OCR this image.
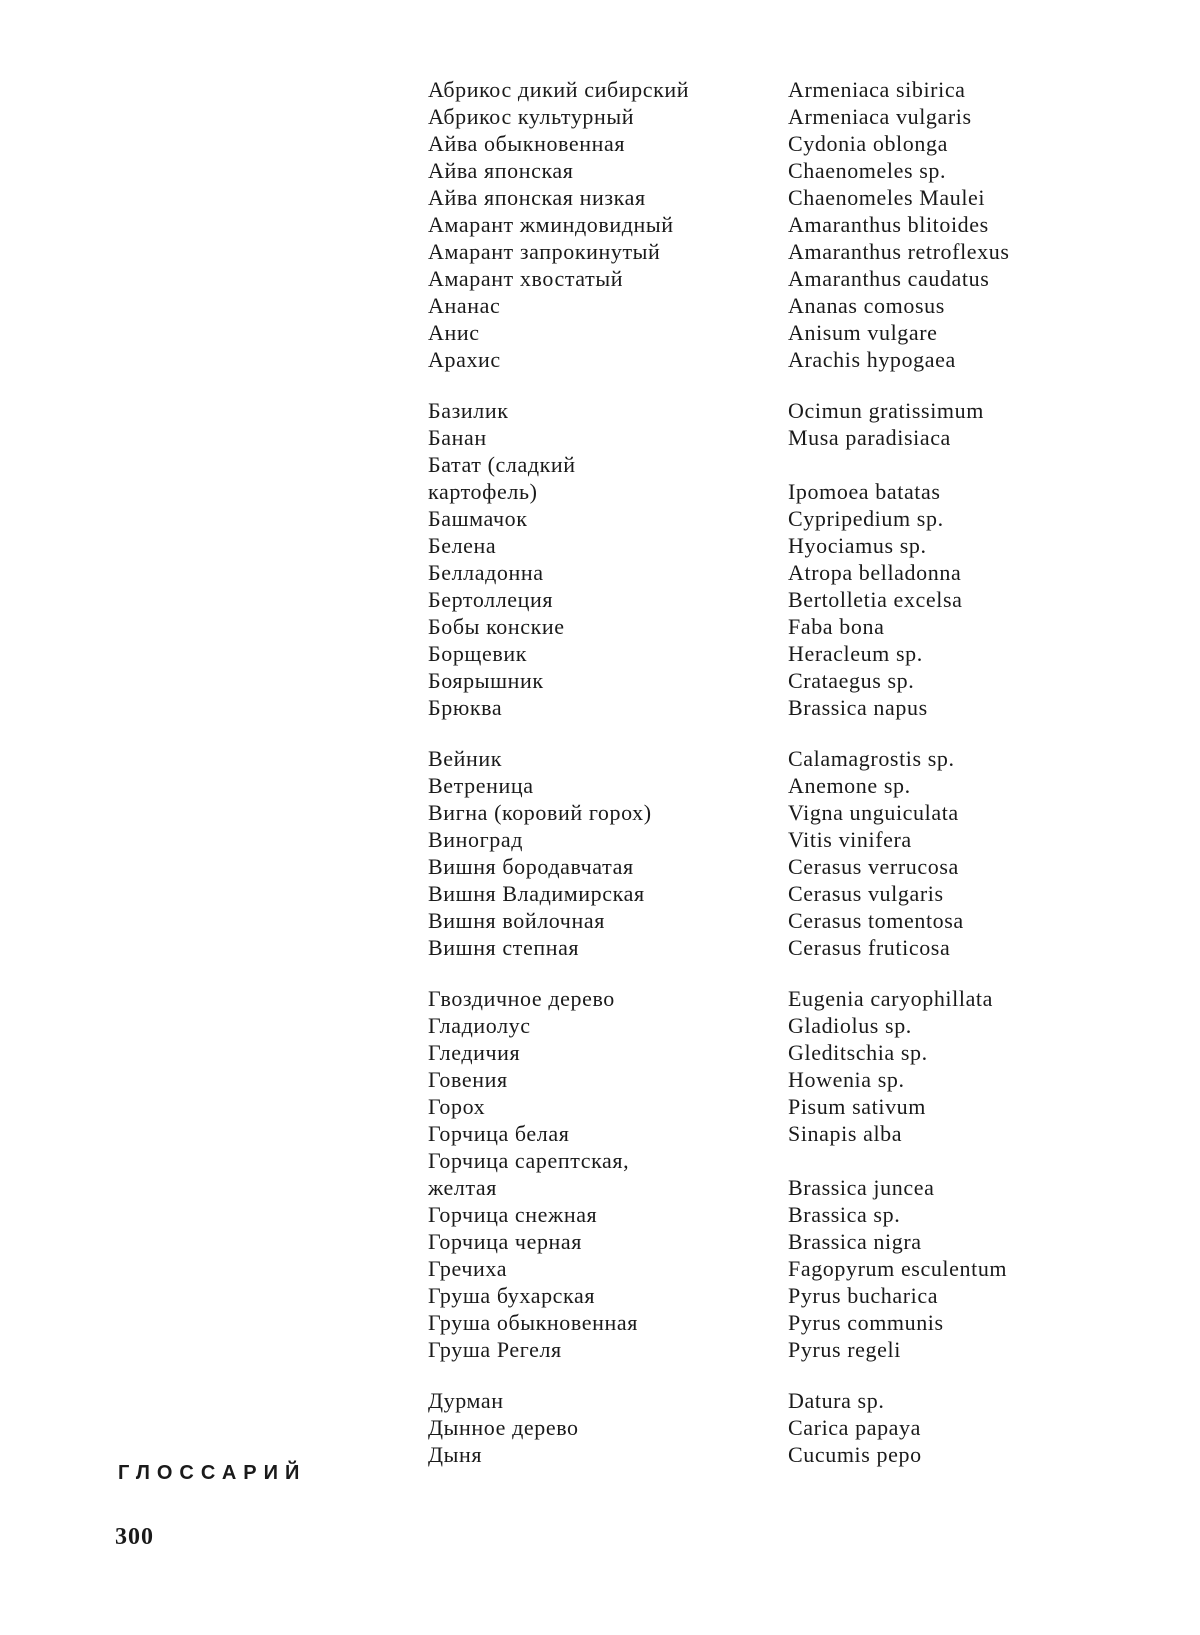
Абрикос дикий сибирский	Armeniaca sibirica
Абрикос культурный	Armeniaca vulgaris
Айва обыкновенная	Cydonia oblonga
Айва японская	Chaenomeles sp.
Айва японская низкая	Chaenomeles Maulei
Амарант жминдовидный	Amaranthus blitoides
Амарант запрокинутый	Amaranthus retroflexus
Амарант хвостатый	Amaranthus caudatus
Ананас	Ananas comosus
Анис	Anisum vulgare
Арахис	Arachis hypogaea
Базилик	Ocimun gratissimum
Банан	Musa paradisiaca
Батат (сладкий
картофель)	Ipomoea batatas
Башмачок	Cypripedium sp.
Белена	Hyociamus sp.
Белладонна	Atropa belladonna
Бертоллеция	Bertolletia excelsa
Бобы конские	Faba bona
Борщевик	Heracleum sp.
Боярышник	Crataegus sp.
Брюква	Brassica napus
Вейник	Calamagrostis sp.
Ветреница	Anemone sp.
Вигна (коровий горох)	Vigna unguiculata
Виноград	Vitis vinifera
Вишня бородавчатая	Cerasus verrucosa
Вишня Владимирская	Cerasus vulgaris
Вишня войлочная	Cerasus tomentosa
Вишня степная	Cerasus fruticosa
Гвоздичное дерево	Eugenia caryophillata
Гладиолус	Gladiolus sp.
Гледичия	Gleditschia sp.
Говения	Howenia sp.
Горох	Pisum sativum
Горчица белая	Sinapis alba
Горчица сарептская,
желтая	Brassica juncea
Горчица снежная	Brassica sp.
Горчица черная	Brassica nigra
Гречиха	Fagopyrum esculentum
Груша бухарская	Pyrus bucharica
Груша обыкновенная	Pyrus communis
Груша Регеля	Pyrus regeli
Дурман	Datura sp.
Дынное дерево	Carica papaya
Дыня	Cucumis pepo
ГЛОССАРИЙ
300
